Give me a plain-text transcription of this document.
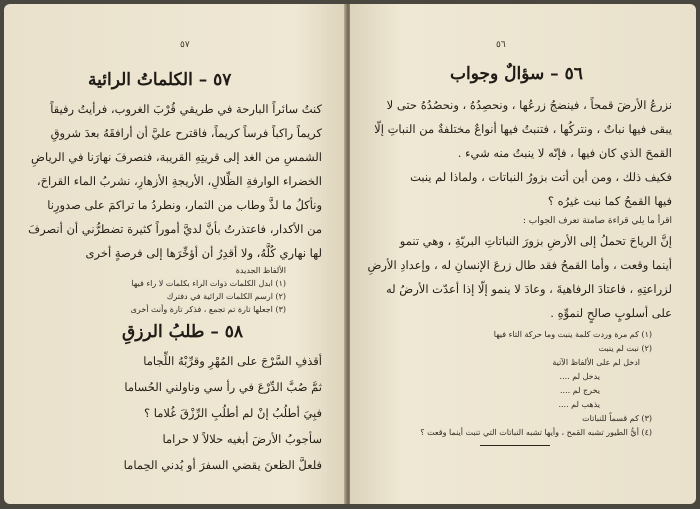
٥٧
٥٧ – الكلماتُ الرائية
كنتُ سائراً البارحة في طريقي قُرْبَ الغروب، فرأيتُ رفيقاً
كريماً راكباً فرساً كريماً، فاقترح عليَّ أن أرافقَهُ بعدَ شروقِ
الشمسِ من الغد إلى قريتِهِ القريبة، فنصرفَ نهارَنا في الرياضِ
الخضراء الوارفةِ الظِّلالِ، الأريجةِ الأزهارِ، نشربُ الماء القراحَ،
ونأكلُ ما لذَّ وطاب من الثمار، ونطردُ ما تراكمَ على صدورِنا
من الأكدار، فاعتذرتُ بأنَّ لديَّ أموراً كثيرة تضطرُّني أن أنصرفَ
لها نهاري كُلَّهُ، ولا أقدِرُ أن أؤخِّرَها إلى فرصةٍ أخرى
الألفاظ الجديدة
(١) ابدل الكلمات ذوات الراء بكلمات لا راء فيها
(٢) ارسم الكلمات الرائية في دفترك
(٣) اجعلها تارة تم تجمع ، فذكر تارة وأنث أخرى
٥٨ – طلبُ الرزقِ
أقذفِ السَّرْجَ على المُهْرِ وقرِّبْهُ اللِّجاما
ثمَّ صُبَّ الدِّرْعَ في رأ سي وناولني الحُساما
فبِيَ أطلُبُ إنْ لم أطلُبِ الرِّزْقَ غُلاما ؟
سأجوبُ الأرضَ أبغيه حلالاً لا حراما
فلعلَّ الظعنَ يقضي السفرَ أو يُدني الحِماما
٥٦
٥٦ – سؤالٌ وجواب
نزرعُ الأرضَ قمحاً ، فينضجُ زرعُها ، ونحصِدُهُ ، ونحصُدُهُ حتى لا
يبقى فيها نباتٌ ، ونتركُها ، فتنبتُ فيها أنواعٌ مختلفةٌ من النباتِ إلّا
القمحَ الذي كان فيها ، فإنّه لا ينبتُ منه شيء .
فكيف ذلك ، ومن أين أتت بزورُ النباتات ، ولماذا لم ينبت
فيها القمحُ كما نبت غيرُه ؟
اقرأ ما يلي قراءة صامتة تعرف الجواب :
إنَّ الرياحَ تحملُ إلى الأرضِ بزورَ النباتاتِ البريّةِ ، وهي تنمو
أينما وقعت ، وأما القمحُ فقد طال زرعَ الإنسانِ له ، وإعدادِ الأرضِ
لزراعتِهِ ، فاعتادَ الرفاهيةَ ، وعادَ لا ينمو إلّا إذا أعدّت الأرضُ له
على أسلوبٍ صالحٍ لنموِّهِ .
(١) كم مرة وردت كلمة ينبت وما حركة التاء فيها
(٢) نبت لم ينبت
ادخل لم على الألفاظ الآتية
يدخل لم ....
يخرج لم ....
يذهب لم ....
(٣) كم قسماً للنباتات
(٤) أيُّ الطيور تشبه القمح ، وأيها تشبه النباتات التي تنبت أينما وقعت ؟
